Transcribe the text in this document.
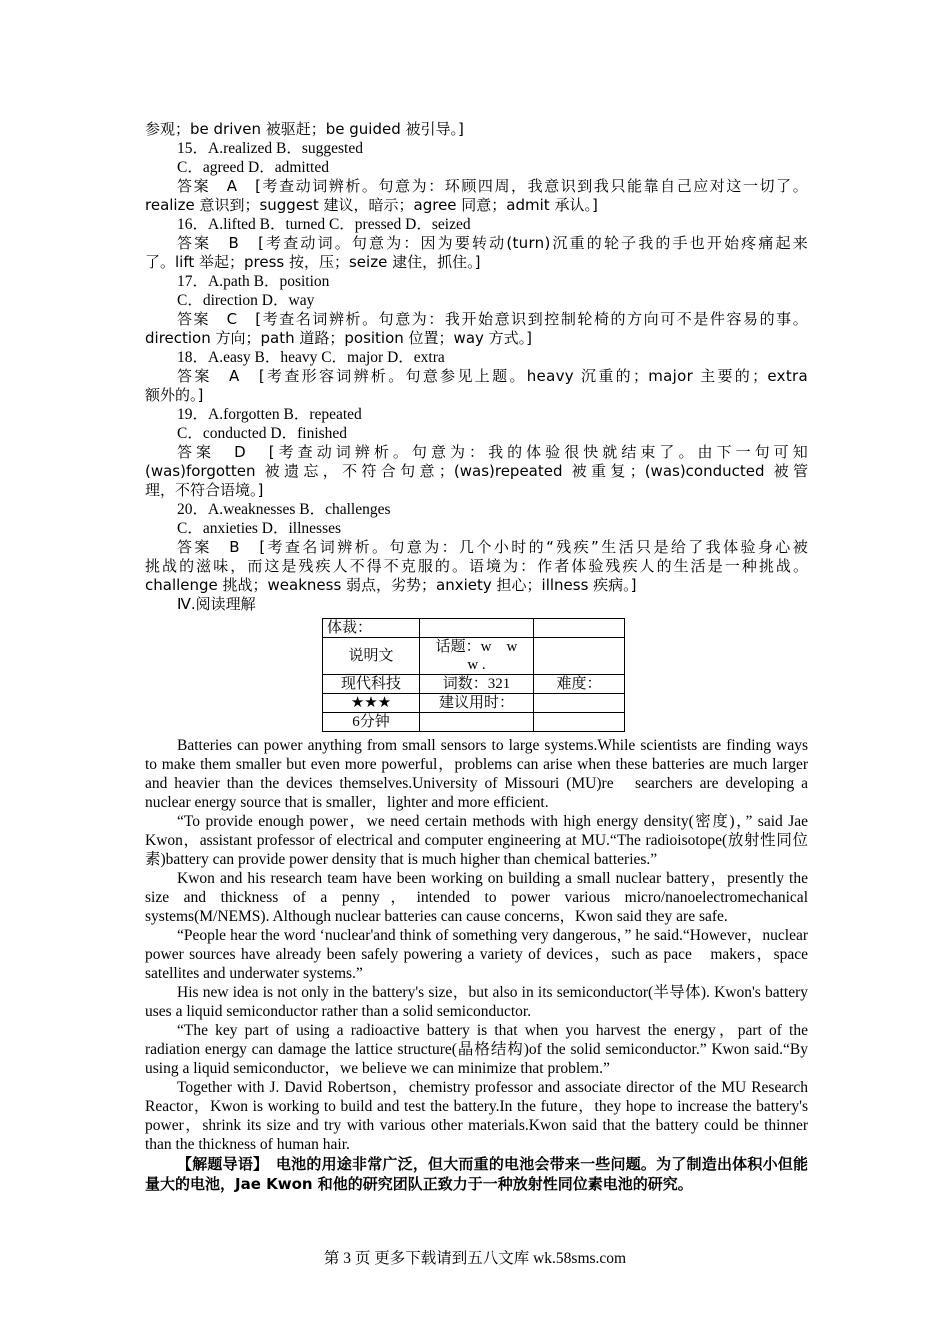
参观；be driven 被驱赶；be guided 被引导。]
15．A.realized B．suggested
C．agreed D．admitted
答案　A　[考查动词辨析。句意为：环顾四周，我意识到我只能靠自己应对这一切了。
realize 意识到；suggest 建议，暗示；agree 同意；admit 承认。]
16．A.lifted B．turned C．pressed D．seized
答案　B　[考查动词。句意为：因为要转动(turn)沉重的轮子我的手也开始疼痛起来
了。lift 举起；press 按，压；seize 逮住，抓住。]
17．A.path B．position
C．direction D．way
答案　C　[考查名词辨析。句意为：我开始意识到控制轮椅的方向可不是件容易的事。
direction 方向；path 道路；position 位置；way 方式。]
18．A.easy B．heavy C．major D．extra
答案　A　[考查形容词辨析。句意参见上题。heavy 沉重的；major 主要的；extra
额外的。]
19．A.forgotten B．repeated
C．conducted D．finished
答案　D　[考查动词辨析。句意为：我的体验很快就结束了。由下一句可知
(was)forgotten 被遗忘，不符合句意；(was)repeated 被重复；(was)conducted 被管
理，不符合语境。]
20．A.weaknesses B．challenges
C．anxieties D．illnesses
答案　B　[考查名词辨析。句意为：几个小时的“残疾”生活只是给了我体验身心被
挑战的滋味，而这是残疾人不得不克服的。语境为：作者体验残疾人的生活是一种挑战。
challenge 挑战；weakness 弱点，劣势；anxiety 担心；illness 疾病。]
Ⅳ.阅读理解
体裁：		
说明文	话题：w　w
w .	

现代科技	词数：321	难度：
★★★	建议用时：	
6分钟		

Batteries can power anything from small sensors to large systems.While scientists are finding ways to make them smaller but even more powerful，problems can arise when these batteries are much larger and heavier than the devices themselves.University of Missouri (MU)re　searchers are developing a nuclear energy source that is smaller，lighter and more efficient.

“To provide enough power，we need certain methods with high energy density(密度)，” said Jae Kwon，assistant professor of electrical and computer engineering at MU.“The radioisotope(放射性同位素)battery can provide power density that is much higher than chemical batteries.”

Kwon and his research team have been working on building a small nuclear battery，presently the size and thickness of a penny，intended to power various micro/nanoelectromechanical systems(M/NEMS). Although nuclear batteries can cause concerns，Kwon said they are safe.

“People hear the word ‘nuclear'and think of something very dangerous，” he said.“However，nuclear power sources have already been safely powering a variety of devices，such as pace　makers，space satellites and underwater systems.”

His new idea is not only in the battery's size，but also in its semiconductor(半导体). Kwon's battery uses a liquid semiconductor rather than a solid semiconductor.

“The key part of using a radioactive battery is that when you harvest the energy，part of the radiation energy can damage the lattice structure(晶格结构)of the solid semiconductor.” Kwon said.“By using a liquid semiconductor，we believe we can minimize that problem.”

Together with J. David Robertson，chemistry professor and associate director of the MU Research Reactor，Kwon is working to build and test the battery.In the future，they hope to increase the battery's power，shrink its size and try with various other materials.Kwon said that the battery could be thinner than the thickness of human hair.

【解题导语】　电池的用途非常广泛，但大而重的电池会带来一些问题。为了制造出体积小但能量大的电池，Jae Kwon 和他的研究团队正致力于一种放射性同位素电池的研究。

第 3 页 更多下载请到五八文库 wk.58sms.com
